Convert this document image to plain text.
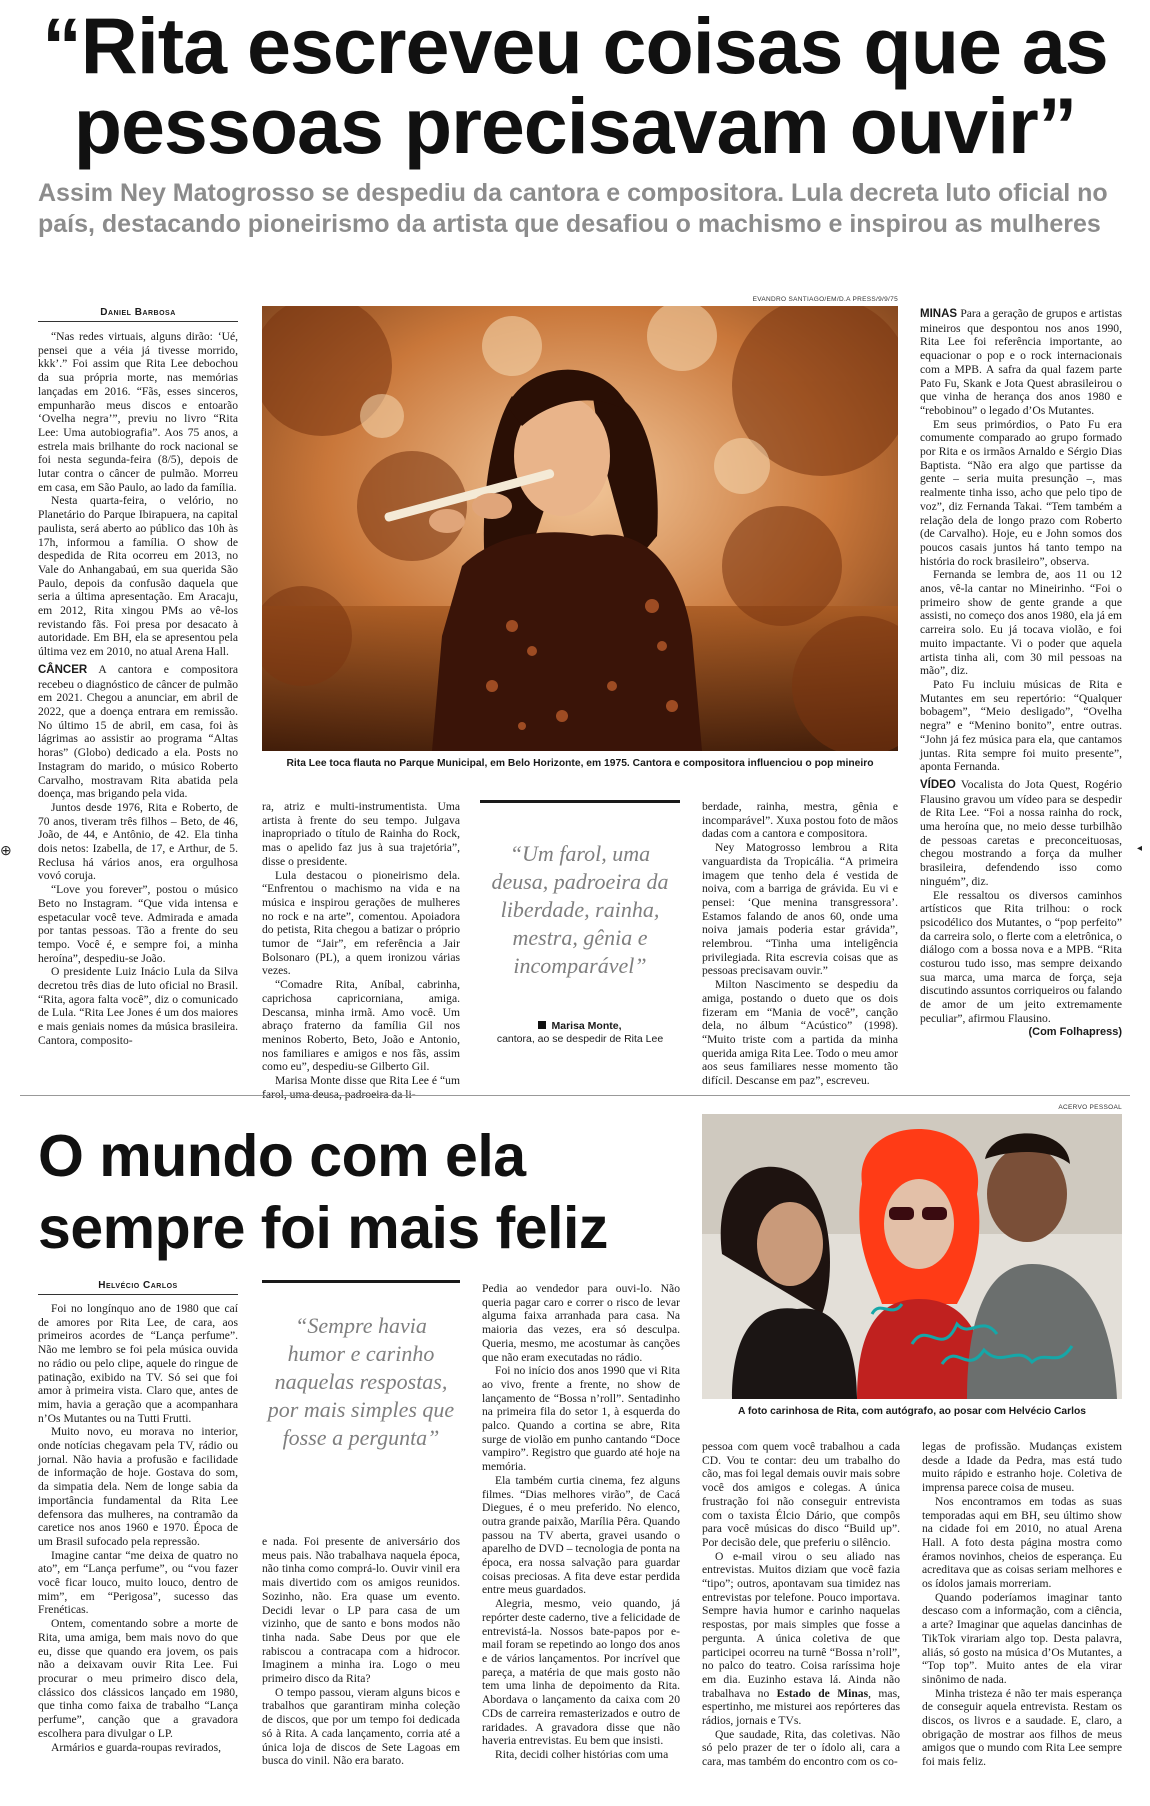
“Rita escreveu coisas que as pessoas precisavam ouvir”
Assim Ney Matogrosso se despediu da cantora e compositora. Lula decreta luto oficial no país, destacando pioneirismo da artista que desafiou o machismo e inspirou as mulheres
Daniel Barbosa

“Nas redes virtuais, alguns dirão: ‘Ué, pensei que a véia já tivesse morrido, kkk’.” Foi assim que Rita Lee debochou da sua própria morte, nas memórias lançadas em 2016. “Fãs, esses sinceros, empunharão meus discos e entoarão ‘Ovelha negra’”, previu no livro “Rita Lee: Uma autobiografia”. Aos 75 anos, a estrela mais brilhante do rock nacional se foi nesta segunda-feira (8/5), depois de lutar contra o câncer de pulmão. Morreu em casa, em São Paulo, ao lado da família.

Nesta quarta-feira, o velório, no Planetário do Parque Ibirapuera, na capital paulista, será aberto ao público das 10h às 17h, informou a família. O show de despedida de Rita ocorreu em 2013, no Vale do Anhangabaú, em sua querida São Paulo, depois da confusão daquela que seria a última apresentação. Em Aracaju, em 2012, Rita xingou PMs ao vê-los revistando fãs. Foi presa por desacato à autoridade. Em BH, ela se apresentou pela última vez em 2010, no atual Arena Hall.

CÂNCER A cantora e compositora recebeu o diagnóstico de câncer de pulmão em 2021. Chegou a anunciar, em abril de 2022, que a doença entrara em remissão. No último 15 de abril, em casa, foi às lágrimas ao assistir ao programa “Altas horas” (Globo) dedicado a ela. Posts no Instagram do marido, o músico Roberto Carvalho, mostravam Rita abatida pela doença, mas brigando pela vida.

Juntos desde 1976, Rita e Roberto, de 70 anos, tiveram três filhos – Beto, de 46, João, de 44, e Antônio, de 42. Ela tinha dois netos: Izabella, de 17, e Arthur, de 5. Reclusa há vários anos, era orgulhosa vovó coruja.

“Love you forever”, postou o músico Beto no Instagram. “Que vida intensa e espetacular você teve. Admirada e amada por tantas pessoas. Tão a frente do seu tempo. Você é, e sempre foi, a minha heroína”, despediu-se João.

O presidente Luiz Inácio Lula da Silva decretou três dias de luto oficial no Brasil. “Rita, agora falta você”, diz o comunicado de Lula. “Rita Lee Jones é um dos maiores e mais geniais nomes da música brasileira. Cantora, composito-

EVANDRO SANTIAGO/EM/D.A PRESS/9/9/75
Rita Lee toca flauta no Parque Municipal, em Belo Horizonte, em 1975. Cantora e compositora influenciou o pop mineiro

ra, atriz e multi-instrumentista. Uma artista à frente do seu tempo. Julgava inapropriado o título de Rainha do Rock, mas o apelido faz jus à sua trajetória”, disse o presidente.

Lula destacou o pioneirismo dela. “Enfrentou o machismo na vida e na música e inspirou gerações de mulheres no rock e na arte”, comentou. Apoiadora do petista, Rita chegou a batizar o próprio tumor de “Jair”, em referência a Jair Bolsonaro (PL), a quem ironizou várias vezes.

“Comadre Rita, Aníbal, cabrinha, caprichosa capricorniana, amiga. Descansa, minha irmã. Amo você. Um abraço fraterno da família Gil nos meninos Roberto, Beto, João e Antonio, nos familiares e amigos e nos fãs, assim como eu”, despediu-se Gilberto Gil.

Marisa Monte disse que Rita Lee é “um farol, uma deusa, padroeira da li-

“Um farol, uma deusa, padroeira da liberdade, rainha, mestra, gênia e incomparável”
Marisa Monte,
cantora, ao se despedir de Rita Lee

berdade, rainha, mestra, gênia e incomparável”. Xuxa postou foto de mãos dadas com a cantora e compositora.

Ney Matogrosso lembrou a Rita vanguardista da Tropicália. “A primeira imagem que tenho dela é vestida de noiva, com a barriga de grávida. Eu vi e pensei: ‘Que menina transgressora’. Estamos falando de anos 60, onde uma noiva jamais poderia estar grávida”, relembrou. “Tinha uma inteligência privilegiada. Rita escrevia coisas que as pessoas precisavam ouvir.”

Milton Nascimento se despediu da amiga, postando o dueto que os dois fizeram em “Mania de você”, canção dela, no álbum “Acústico” (1998). “Muito triste com a partida da minha querida amiga Rita Lee. Todo o meu amor aos seus familiares nesse momento tão difícil. Descanse em paz”, escreveu.

MINAS Para a geração de grupos e artistas mineiros que despontou nos anos 1990, Rita Lee foi referência importante, ao equacionar o pop e o rock internacionais com a MPB. A safra da qual fazem parte Pato Fu, Skank e Jota Quest abrasileirou o que vinha de herança dos anos 1980 e “rebobinou” o legado d’Os Mutantes.

Em seus primórdios, o Pato Fu era comumente comparado ao grupo formado por Rita e os irmãos Arnaldo e Sérgio Dias Baptista. “Não era algo que partisse da gente – seria muita presunção –, mas realmente tinha isso, acho que pelo tipo de voz”, diz Fernanda Takai. “Tem também a relação dela de longo prazo com Roberto (de Carvalho). Hoje, eu e John somos dos poucos casais juntos há tanto tempo na história do rock brasileiro”, observa.

Fernanda se lembra de, aos 11 ou 12 anos, vê-la cantar no Mineirinho. “Foi o primeiro show de gente grande a que assisti, no começo dos anos 1980, ela já em carreira solo. Eu já tocava violão, e foi muito impactante. Vi o poder que aquela artista tinha ali, com 30 mil pessoas na mão”, diz.

Pato Fu incluiu músicas de Rita e Mutantes em seu repertório: “Qualquer bobagem”, “Meio desligado”, “Ovelha negra” e “Menino bonito”, entre outras. “John já fez música para ela, que cantamos juntas. Rita sempre foi muito presente”, aponta Fernanda.

VÍDEO Vocalista do Jota Quest, Rogério Flausino gravou um vídeo para se despedir de Rita Lee. “Foi a nossa rainha do rock, uma heroína que, no meio desse turbilhão de pessoas caretas e preconceituosas, chegou mostrando a força da mulher brasileira, defendendo isso como ninguém”, diz.

Ele ressaltou os diversos caminhos artísticos que Rita trilhou: o rock psicodélico dos Mutantes, o “pop perfeito” da carreira solo, o flerte com a eletrônica, o diálogo com a bossa nova e a MPB. “Rita costurou tudo isso, mas sempre deixando sua marca, uma marca de força, seja discutindo assuntos corriqueiros ou falando de amor de um jeito extremamente peculiar”, afirmou Flausino.

(Com Folhapress)

⊕	◂
O mundo com ela sempre foi mais feliz
ACERVO PESSOAL
A foto carinhosa de Rita, com autógrafo, ao posar com Helvécio Carlos
Helvécio Carlos

Foi no longínquo ano de 1980 que caí de amores por Rita Lee, de cara, aos primeiros acordes de “Lança perfume”. Não me lembro se foi pela música ouvida no rádio ou pelo clipe, aquele do ringue de patinação, exibido na TV. Só sei que foi amor à primeira vista. Claro que, antes de mim, havia a geração que a acompanhara n’Os Mutantes ou na Tutti Frutti.

Muito novo, eu morava no interior, onde notícias chegavam pela TV, rádio ou jornal. Não havia a profusão e facilidade de informação de hoje. Gostava do som, da simpatia dela. Nem de longe sabia da importância fundamental da Rita Lee defensora das mulheres, na contramão da caretice nos anos 1960 e 1970. Época de um Brasil sufocado pela repressão.

Imagine cantar “me deixa de quatro no ato”, em “Lança perfume”, ou “vou fazer você ficar louco, muito louco, dentro de mim”, em “Perigosa”, sucesso das Frenéticas.

Ontem, comentando sobre a morte de Rita, uma amiga, bem mais novo do que eu, disse que quando era jovem, os pais não a deixavam ouvir Rita Lee. Fui procurar o meu primeiro disco dela, clássico dos clássicos lançado em 1980, que tinha como faixa de trabalho “Lança perfume”, canção que a gravadora escolhera para divulgar o LP.

Armários e guarda-roupas revirados,

“Sempre havia humor e carinho naquelas respostas, por mais simples que fosse a pergunta”

e nada. Foi presente de aniversário dos meus pais. Não trabalhava naquela época, não tinha como comprá-lo. Ouvir vinil era mais divertido com os amigos reunidos. Sozinho, não. Era quase um evento. Decidi levar o LP para casa de um vizinho, que de santo e bons modos não tinha nada. Sabe Deus por que ele rabiscou a contracapa com a hidrocor. Imaginem a minha ira. Logo o meu primeiro disco da Rita?

O tempo passou, vieram alguns bicos e trabalhos que garantiram minha coleção de discos, que por um tempo foi dedicada só à Rita. A cada lançamento, corria até a única loja de discos de Sete Lagoas em busca do vinil. Não era barato.

Pedia ao vendedor para ouvi-lo. Não queria pagar caro e correr o risco de levar alguma faixa arranhada para casa. Na maioria das vezes, era só desculpa. Queria, mesmo, me acostumar às canções que não eram executadas no rádio.

Foi no início dos anos 1990 que vi Rita ao vivo, frente a frente, no show de lançamento de “Bossa n’roll”. Sentadinho na primeira fila do setor 1, à esquerda do palco. Quando a cortina se abre, Rita surge de violão em punho cantando “Doce vampiro”. Registro que guardo até hoje na memória.

Ela também curtia cinema, fez alguns filmes. “Dias melhores virão”, de Cacá Diegues, é o meu preferido. No elenco, outra grande paixão, Marília Pêra. Quando passou na TV aberta, gravei usando o aparelho de DVD – tecnologia de ponta na época, era nossa salvação para guardar coisas preciosas. A fita deve estar perdida entre meus guardados.

Alegria, mesmo, veio quando, já repórter deste caderno, tive a felicidade de entrevistá-la. Nossos bate-papos por e-mail foram se repetindo ao longo dos anos e de vários lançamentos. Por incrível que pareça, a matéria de que mais gosto não tem uma linha de depoimento da Rita. Abordava o lançamento da caixa com 20 CDs de carreira remasterizados e outro de raridades. A gravadora disse que não haveria entrevistas. Eu bem que insisti.

Rita, decidi colher histórias com uma

pessoa com quem você trabalhou a cada CD. Vou te contar: deu um trabalho do cão, mas foi legal demais ouvir mais sobre você dos amigos e colegas. A única frustração foi não conseguir entrevista com o taxista Élcio Dário, que compôs para você músicas do disco “Build up”. Por decisão dele, que preferiu o silêncio.

O e-mail virou o seu aliado nas entrevistas. Muitos diziam que você fazia “tipo”; outros, apontavam sua timidez nas entrevistas por telefone. Pouco importava. Sempre havia humor e carinho naquelas respostas, por mais simples que fosse a pergunta. A única coletiva de que participei ocorreu na turnê “Bossa n’roll”, no palco do teatro. Coisa raríssima hoje em dia. Euzinho estava lá. Ainda não trabalhava no Estado de Minas, mas, espertinho, me misturei aos repórteres das rádios, jornais e TVs.

Que saudade, Rita, das coletivas. Não só pelo prazer de ter o ídolo ali, cara a cara, mas também do encontro com os co-

legas de profissão. Mudanças existem desde a Idade da Pedra, mas está tudo muito rápido e estranho hoje. Coletiva de imprensa parece coisa de museu.

Nos encontramos em todas as suas temporadas aqui em BH, seu último show na cidade foi em 2010, no atual Arena Hall. A foto desta página mostra como éramos novinhos, cheios de esperança. Eu acreditava que as coisas seriam melhores e os ídolos jamais morreriam.

Quando poderíamos imaginar tanto descaso com a informação, com a ciência, a arte? Imaginar que aquelas dancinhas de TikTok virariam algo top. Desta palavra, aliás, só gosto na música d’Os Mutantes, a “Top top”. Muito antes de ela virar sinônimo de nada.

Minha tristeza é não ter mais esperança de conseguir aquela entrevista. Restam os discos, os livros e a saudade. E, claro, a obrigação de mostrar aos filhos de meus amigos que o mundo com Rita Lee sempre foi mais feliz.
